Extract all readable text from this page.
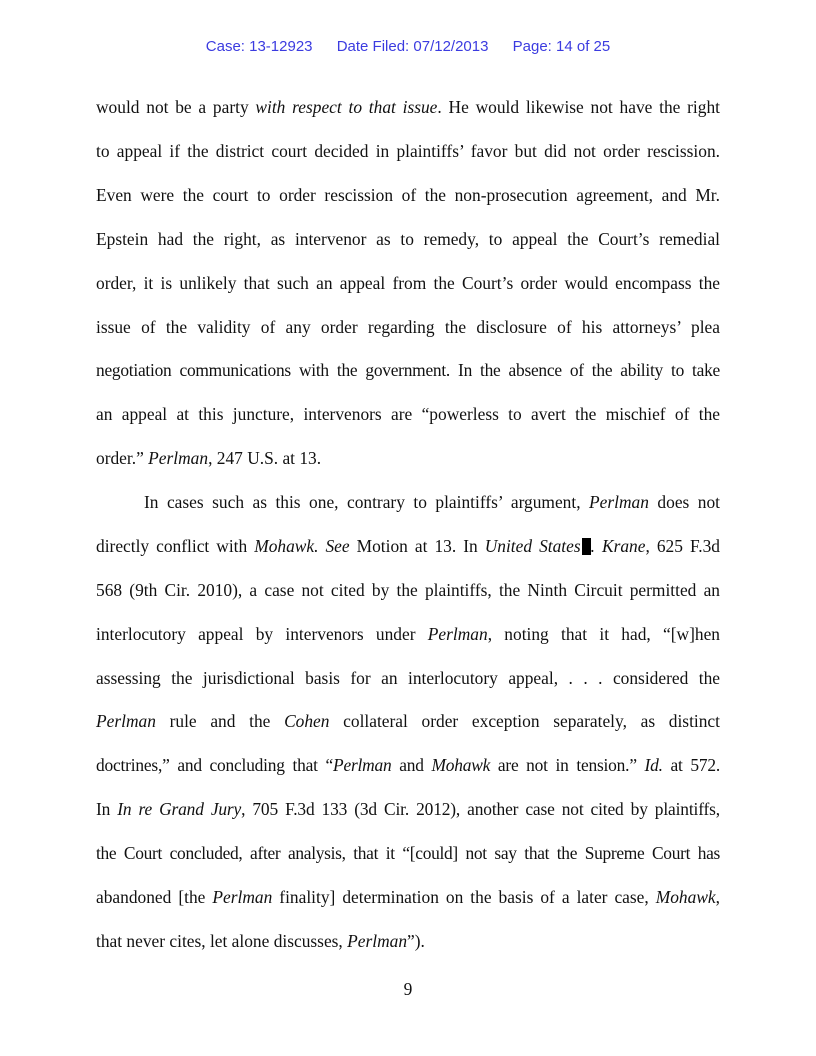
Case: 13-12923 Date Filed: 07/12/2013 Page: 14 of 25
would not be a party with respect to that issue. He would likewise not have the right
to appeal if the district court decided in plaintiffs’ favor but did not order rescission.
Even were the court to order rescission of the non-prosecution agreement, and Mr.
Epstein had the right, as intervenor as to remedy, to appeal the Court’s remedial
order, it is unlikely that such an appeal from the Court’s order would encompass the
issue of the validity of any order regarding the disclosure of his attorneys’ plea
negotiation communications with the government. In the absence of the ability to take
an appeal at this juncture, intervenors are “powerless to avert the mischief of the
order.” Perlman, 247 U.S. at 13.
In cases such as this one, contrary to plaintiffs’ argument, Perlman does not
directly conflict with Mohawk. See Motion at 13. In United States . Krane, 625 F.3d
568 (9th Cir. 2010), a case not cited by the plaintiffs, the Ninth Circuit permitted an
interlocutory appeal by intervenors under Perlman, noting that it had, “[w]hen
assessing the jurisdictional basis for an interlocutory appeal, . . . considered the
Perlman rule and the Cohen collateral order exception separately, as distinct
doctrines,” and concluding that “Perlman and Mohawk are not in tension.” Id. at 572.
In In re Grand Jury, 705 F.3d 133 (3d Cir. 2012), another case not cited by plaintiffs,
the Court concluded, after analysis, that it “[could] not say that the Supreme Court has
abandoned [the Perlman finality] determination on the basis of a later case, Mohawk,
that never cites, let alone discusses, Perlman”).
9
